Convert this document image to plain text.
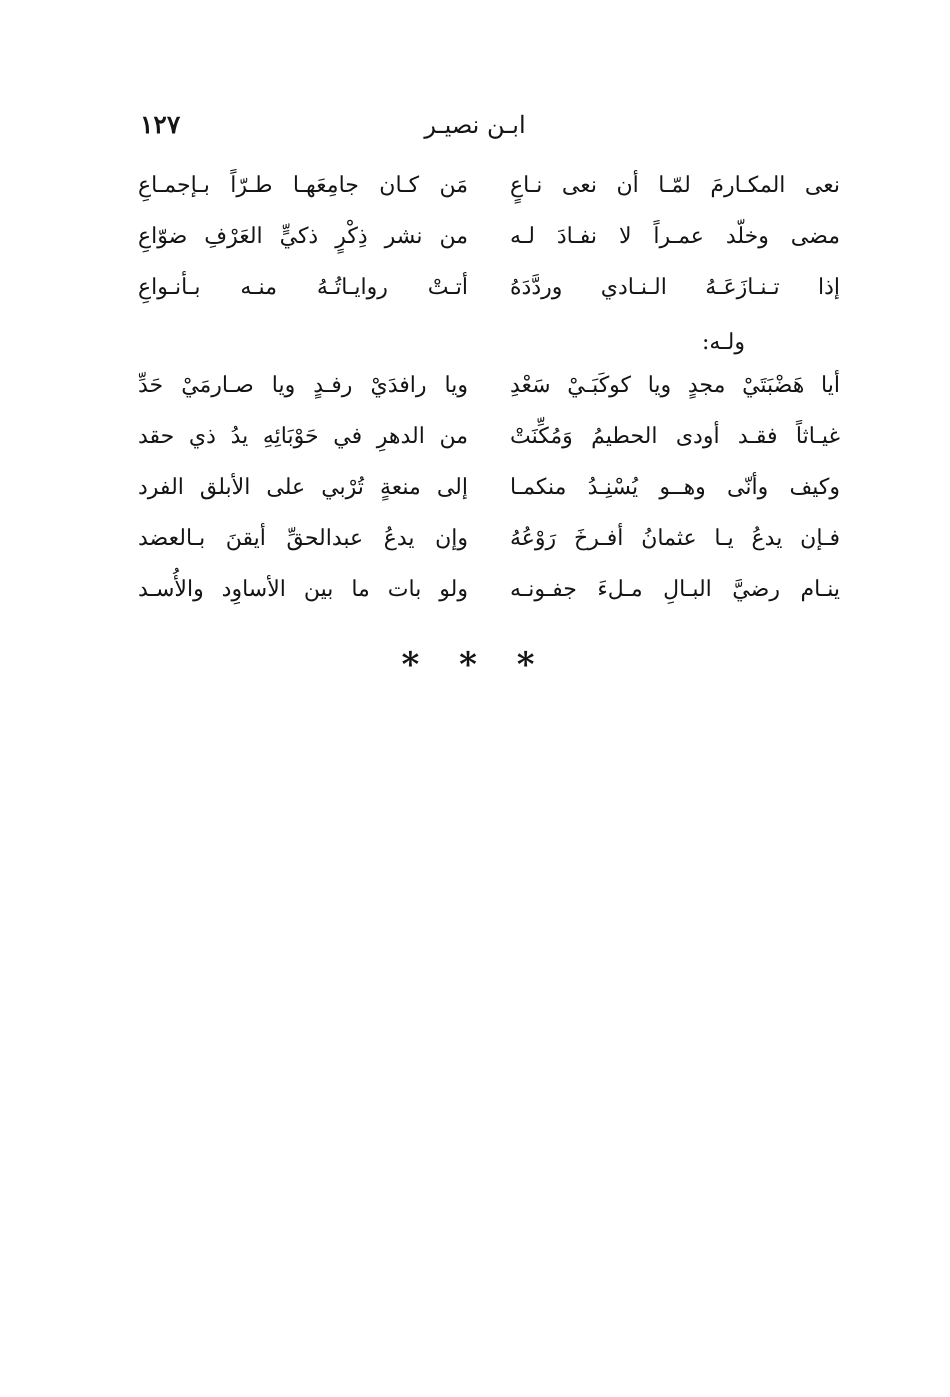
ابـن نصيـر
١٢٧
نعى المكـارمَ لمّـا أن نعى نـاعٍ
مَن كـان جامِعَهـا طـرّاً بـإجمـاعِ
مضى وخلّد عمـراً لا نفـادَ لـه
من نشر ذِكْرٍ ذكيٍّ العَرْفِ ضوّاعِ
إذا تـنـازَعَـهُ الـنـادي وردَّدَهُ
أتـتْ روايـاتُـهُ منـه بـأنـواعِ
ولـه:
أيا هَضْبَتَيْ مجدٍ ويا كوكَبَـيْ سَعْدِ
ويا رافدَيْ رفـدٍ ويا صـارمَيْ حَدِّ
غيـاثاً فقـد أودى الحطيمُ وَمُكِّنَتْ
من الدهرِ في حَوْبَائِهِ يدُ ذي حقد
وكيف وأنّى وهــو يُسْنِـدُ منكمـا
إلى منعةٍ تُرْبي على الأبلق الفرد
فـإن يدعُ يـا عثمانُ أفـرخَ رَوْعُهُ
وإن يدعُ عبدالحقِّ أيقنَ بـالعضد
ينـام رضيَّ البـالِ مـلءَ جفـونـه
ولو بات ما بين الأساوِد والأُسـد
* * *
